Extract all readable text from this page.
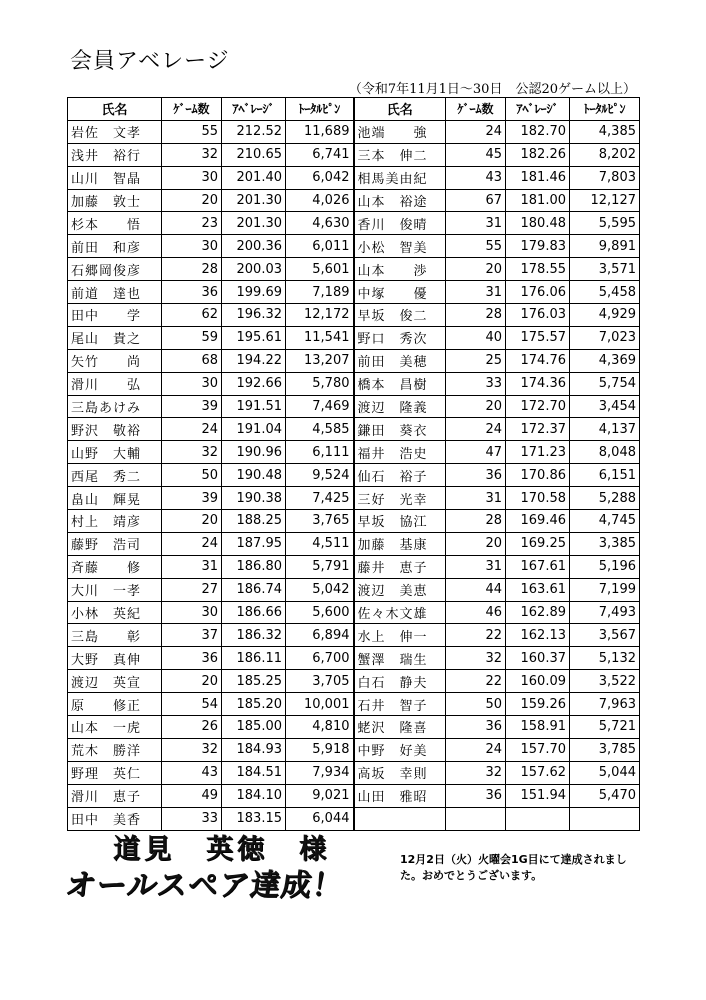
会員アベレージ
（令和7年11月1日～30日　公認20ゲーム以上）
氏名	ｹﾞｰﾑ数	ｱﾍﾞﾚｰｼﾞ	ﾄｰﾀﾙﾋﾟﾝ	氏名	ｹﾞｰﾑ数	ｱﾍﾞﾚｰｼﾞ	ﾄｰﾀﾙﾋﾟﾝ
岩佐　文孝	55	212.52	11,689	池端　　強	24	182.70	4,385
浅井　裕行	32	210.65	6,741	三本　伸二	45	182.26	8,202
山川　智晶	30	201.40	6,042	相馬美由紀	43	181.46	7,803
加藤　敦士	20	201.30	4,026	山本　裕途	67	181.00	12,127
杉本　　悟	23	201.30	4,630	香川　俊晴	31	180.48	5,595
前田　和彦	30	200.36	6,011	小松　智美	55	179.83	9,891
石郷岡俊彦	28	200.03	5,601	山本　　渉	20	178.55	3,571
前道　達也	36	199.69	7,189	中塚　　優	31	176.06	5,458
田中　　学	62	196.32	12,172	早坂　俊二	28	176.03	4,929
尾山　貴之	59	195.61	11,541	野口　秀次	40	175.57	7,023
矢竹　　尚	68	194.22	13,207	前田　美穂	25	174.76	4,369
滑川　　弘	30	192.66	5,780	橋本　昌樹	33	174.36	5,754
三島あけみ	39	191.51	7,469	渡辺　隆義	20	172.70	3,454
野沢　敬裕	24	191.04	4,585	鎌田　葵衣	24	172.37	4,137
山野　大輔	32	190.96	6,111	福井　浩史	47	171.23	8,048
西尾　秀二	50	190.48	9,524	仙石　裕子	36	170.86	6,151
畠山　輝晃	39	190.38	7,425	三好　光幸	31	170.58	5,288
村上　靖彦	20	188.25	3,765	早坂　協江	28	169.46	4,745
藤野　浩司	24	187.95	4,511	加藤　基康	20	169.25	3,385
斉藤　　修	31	186.80	5,791	藤井　恵子	31	167.61	5,196
大川　一孝	27	186.74	5,042	渡辺　美恵	44	163.61	7,199
小林　英紀	30	186.66	5,600	佐々木文雄	46	162.89	7,493
三島　　彰	37	186.32	6,894	水上　伸一	22	162.13	3,567
大野　真伸	36	186.11	6,700	蟹澤　瑞生	32	160.37	5,132
渡辺　英宣	20	185.25	3,705	白石　静夫	22	160.09	3,522
原　　修正	54	185.20	10,001	石井　智子	50	159.26	7,963
山本　一虎	26	185.00	4,810	蛯沢　隆喜	36	158.91	5,721
荒木　勝洋	32	184.93	5,918	中野　好美	24	157.70	3,785
野理　英仁	43	184.51	7,934	高坂　幸則	32	157.62	5,044
滑川　恵子	49	184.10	9,021	山田　雅昭	36	151.94	5,470
田中　美香	33	183.15	6,044				
道見　英徳　様
オールスペア達成！
12月2日（火）火曜会1G目にて達成されました。おめでとうございます。
